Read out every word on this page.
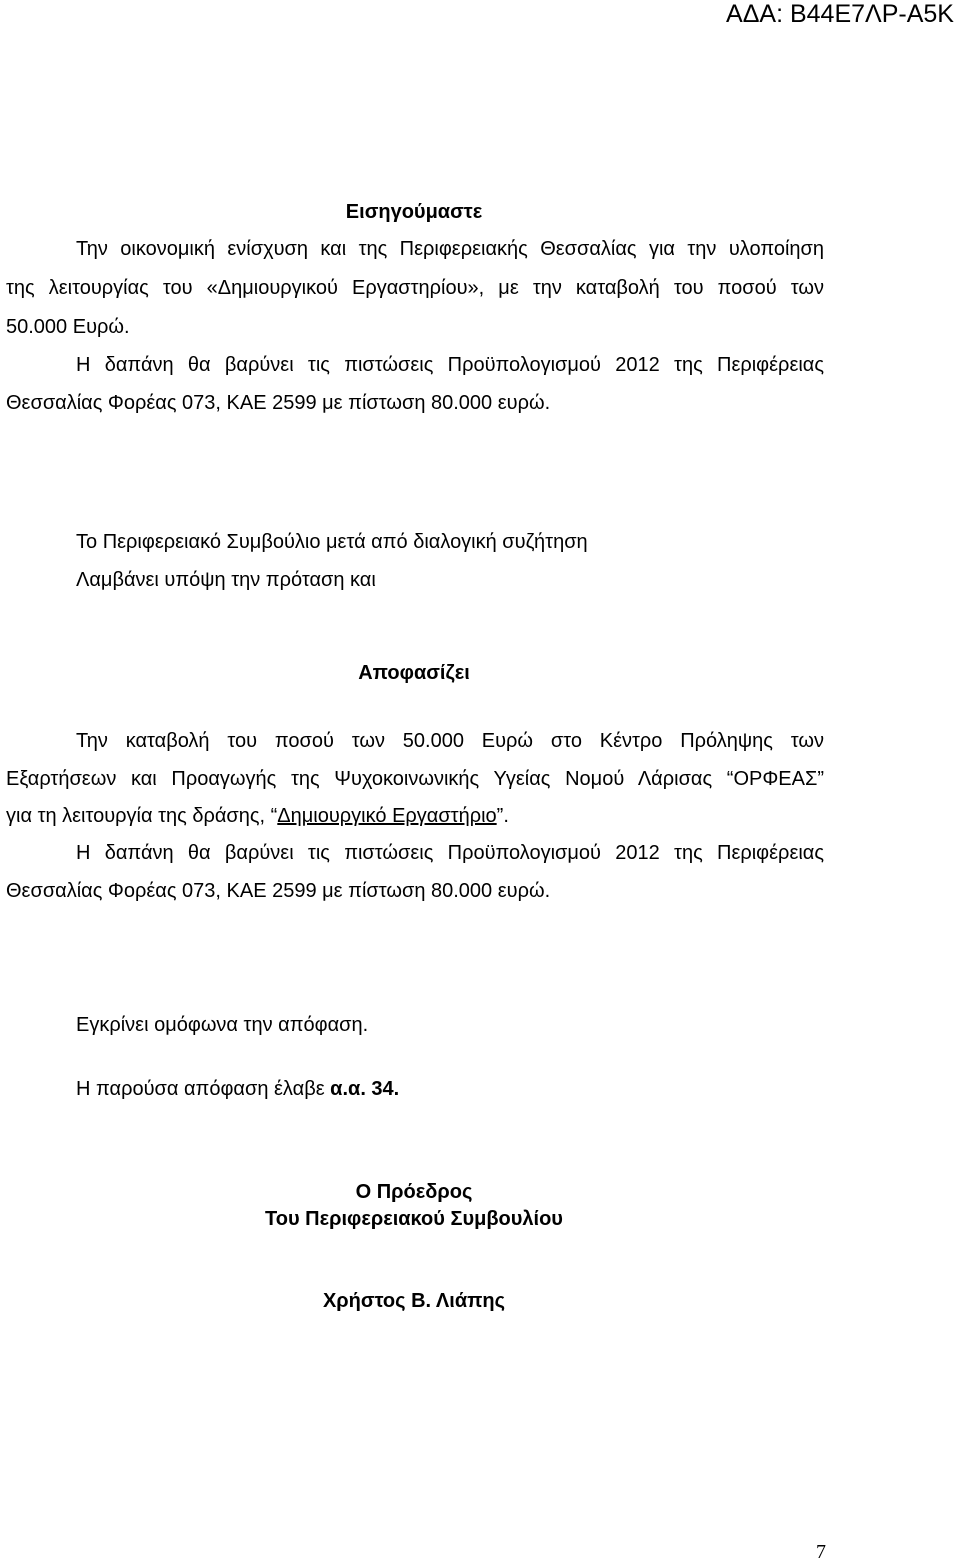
ΑΔΑ: Β44Ε7ΛΡ-Α5Κ
Εισηγούμαστε
Την οικονομική ενίσχυση και της Περιφερειακής Θεσσαλίας για την υλοποίηση
της λειτουργίας του «Δημιουργικού Εργαστηρίου», με την καταβολή του ποσού των
50.000 Ευρώ.
Η δαπάνη θα βαρύνει τις πιστώσεις Προϋπολογισμού 2012 της Περιφέρειας
Θεσσαλίας Φορέας 073, ΚΑΕ 2599 με πίστωση 80.000 ευρώ.
Το Περιφερειακό Συμβούλιο μετά από διαλογική συζήτηση
Λαμβάνει υπόψη την πρόταση και
Αποφασίζει
Την καταβολή του ποσού των 50.000 Ευρώ στο Κέντρο Πρόληψης των
Εξαρτήσεων και Προαγωγής της Ψυχοκοινωνικής Υγείας Νομού Λάρισας “ΟΡΦΕΑΣ”
για τη λειτουργία της δράσης, “Δημιουργικό Εργαστήριο”.
Η δαπάνη θα βαρύνει τις πιστώσεις Προϋπολογισμού 2012 της Περιφέρειας
Θεσσαλίας Φορέας 073, ΚΑΕ 2599 με πίστωση 80.000 ευρώ.
Εγκρίνει ομόφωνα την απόφαση.
Η παρούσα απόφαση έλαβε α.α. 34.
Ο Πρόεδρος
Του Περιφερειακού Συμβουλίου
Χρήστος Β. Λιάπης
7
